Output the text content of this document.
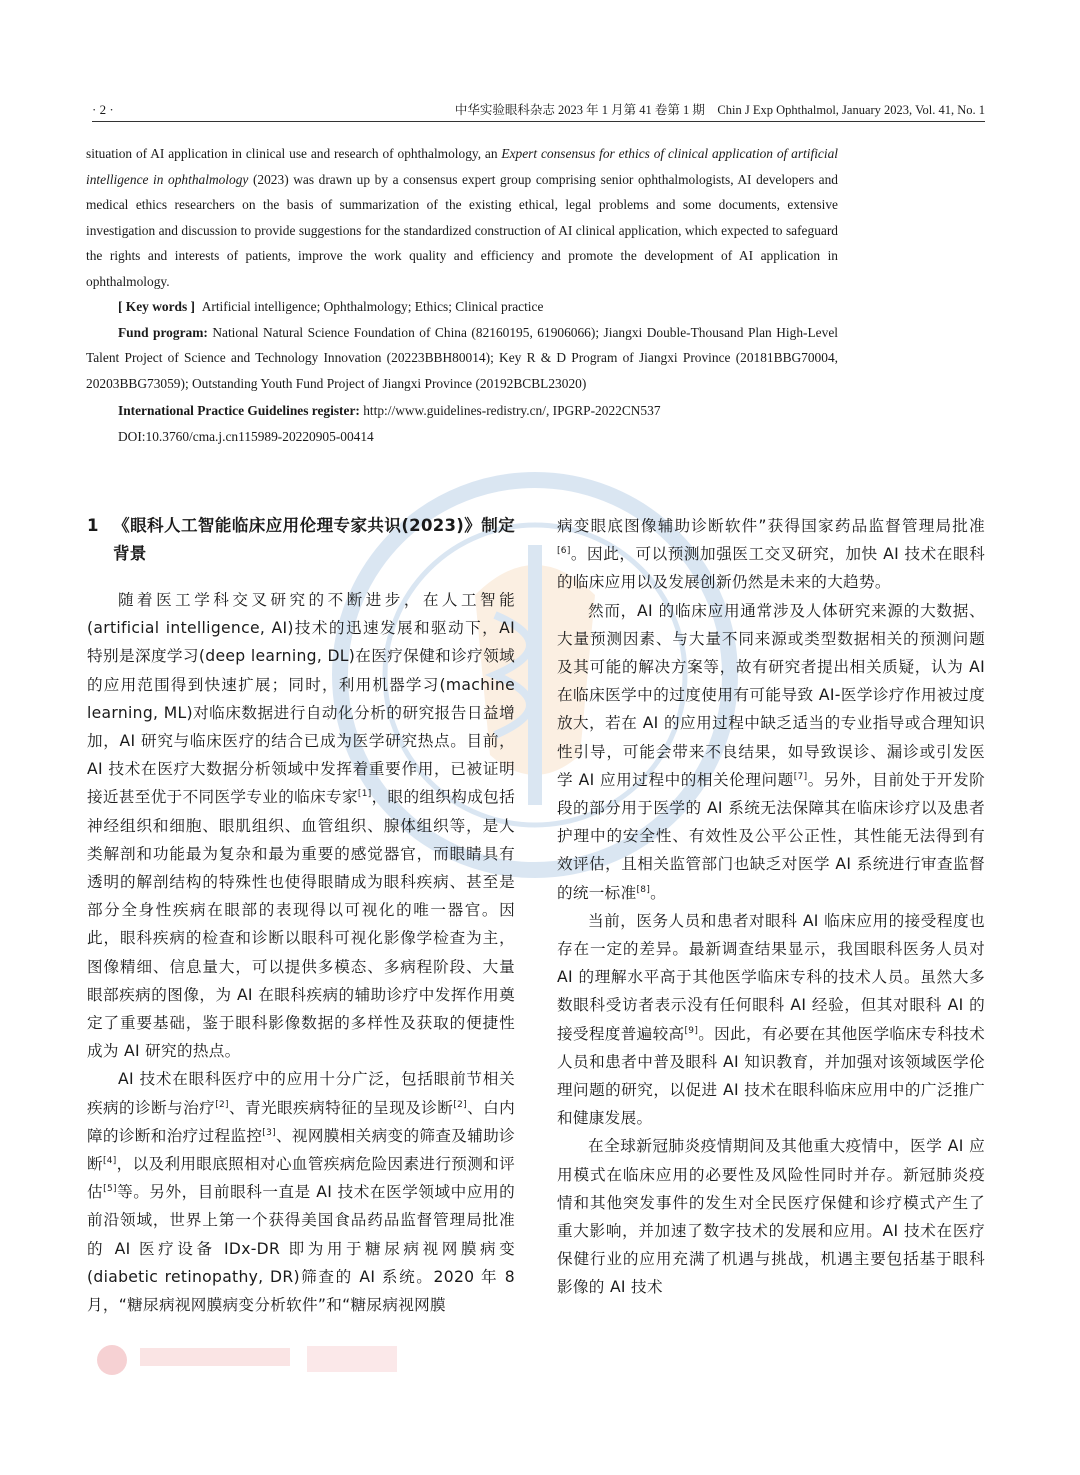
· 2 ·	中华实验眼科杂志 2023 年 1 月第 41 卷第 1 期　Chin J Exp Ophthalmol, January 2023, Vol. 41, No. 1

situation of AI application in clinical use and research of ophthalmology, an Expert consensus for ethics of clinical application of artificial intelligence in ophthalmology (2023) was drawn up by a consensus expert group comprising senior ophthalmologists, AI developers and medical ethics researchers on the basis of summarization of the existing ethical, legal problems and some documents, extensive investigation and discussion to provide suggestions for the standardized construction of AI clinical application, which expected to safeguard the rights and interests of patients, improve the work quality and efficiency and promote the development of AI application in ophthalmology.

[ Key words ] Artificial intelligence; Ophthalmology; Ethics; Clinical practice

Fund program: National Natural Science Foundation of China (82160195, 61906066); Jiangxi Double-Thousand Plan High-Level Talent Project of Science and Technology Innovation (20223BBH80014); Key R & D Program of Jiangxi Province (20181BBG70004, 20203BBG73059); Outstanding Youth Fund Project of Jiangxi Province (20192BCBL23020)

International Practice Guidelines register: http://www.guidelines-redistry.cn/, IPGRP-2022CN537

DOI:10.3760/cma.j.cn115989-20220905-00414

1 《眼科人工智能临床应用伦理专家共识(2023)》制定背景

随着医工学科交叉研究的不断进步，在人工智能(artificial intelligence, AI)技术的迅速发展和驱动下，AI 特别是深度学习(deep learning, DL)在医疗保健和诊疗领域的应用范围得到快速扩展；同时，利用机器学习(machine learning, ML)对临床数据进行自动化分析的研究报告日益增加，AI 研究与临床医疗的结合已成为医学研究热点。目前，AI 技术在医疗大数据分析领域中发挥着重要作用，已被证明接近甚至优于不同医学专业的临床专家[1]，眼的组织构成包括神经组织和细胞、眼肌组织、血管组织、腺体组织等，是人类解剖和功能最为复杂和最为重要的感觉器官，而眼睛具有透明的解剖结构的特殊性也使得眼睛成为眼科疾病、甚至是部分全身性疾病在眼部的表现得以可视化的唯一器官。因此，眼科疾病的检查和诊断以眼科可视化影像学检查为主，图像精细、信息量大，可以提供多模态、多病程阶段、大量眼部疾病的图像，为 AI 在眼科疾病的辅助诊疗中发挥作用奠定了重要基础，鉴于眼科影像数据的多样性及获取的便捷性成为 AI 研究的热点。

AI 技术在眼科医疗中的应用十分广泛，包括眼前节相关疾病的诊断与治疗[2]、青光眼疾病特征的呈现及诊断[2]、白内障的诊断和治疗过程监控[3]、视网膜相关病变的筛查及辅助诊断[4]，以及利用眼底照相对心血管疾病危险因素进行预测和评估[5]等。另外，目前眼科一直是 AI 技术在医学领域中应用的前沿领域，世界上第一个获得美国食品药品监督管理局批准的 AI 医疗设备 IDx-DR 即为用于糖尿病视网膜病变(diabetic retinopathy, DR)筛查的 AI 系统。2020 年 8 月，“糖尿病视网膜病变分析软件”和“糖尿病视网膜

病变眼底图像辅助诊断软件”获得国家药品监督管理局批准[6]。因此，可以预测加强医工交叉研究，加快 AI 技术在眼科的临床应用以及发展创新仍然是未来的大趋势。

然而，AI 的临床应用通常涉及人体研究来源的大数据、大量预测因素、与大量不同来源或类型数据相关的预测问题及其可能的解决方案等，故有研究者提出相关质疑，认为 AI 在临床医学中的过度使用有可能导致 AI-医学诊疗作用被过度放大，若在 AI 的应用过程中缺乏适当的专业指导或合理知识性引导，可能会带来不良结果，如导致误诊、漏诊或引发医学 AI 应用过程中的相关伦理问题[7]。另外，目前处于开发阶段的部分用于医学的 AI 系统无法保障其在临床诊疗以及患者护理中的安全性、有效性及公平公正性，其性能无法得到有效评估，且相关监管部门也缺乏对医学 AI 系统进行审查监督的统一标准[8]。

当前，医务人员和患者对眼科 AI 临床应用的接受程度也存在一定的差异。最新调查结果显示，我国眼科医务人员对 AI 的理解水平高于其他医学临床专科的技术人员。虽然大多数眼科受访者表示没有任何眼科 AI 经验，但其对眼科 AI 的接受程度普遍较高[9]。因此，有必要在其他医学临床专科技术人员和患者中普及眼科 AI 知识教育，并加强对该领域医学伦理问题的研究，以促进 AI 技术在眼科临床应用中的广泛推广和健康发展。

在全球新冠肺炎疫情期间及其他重大疫情中，医学 AI 应用模式在临床应用的必要性及风险性同时并存。新冠肺炎疫情和其他突发事件的发生对全民医疗保健和诊疗模式产生了重大影响，并加速了数字技术的发展和应用。AI 技术在医疗保健行业的应用充满了机遇与挑战，机遇主要包括基于眼科影像的 AI 技术
